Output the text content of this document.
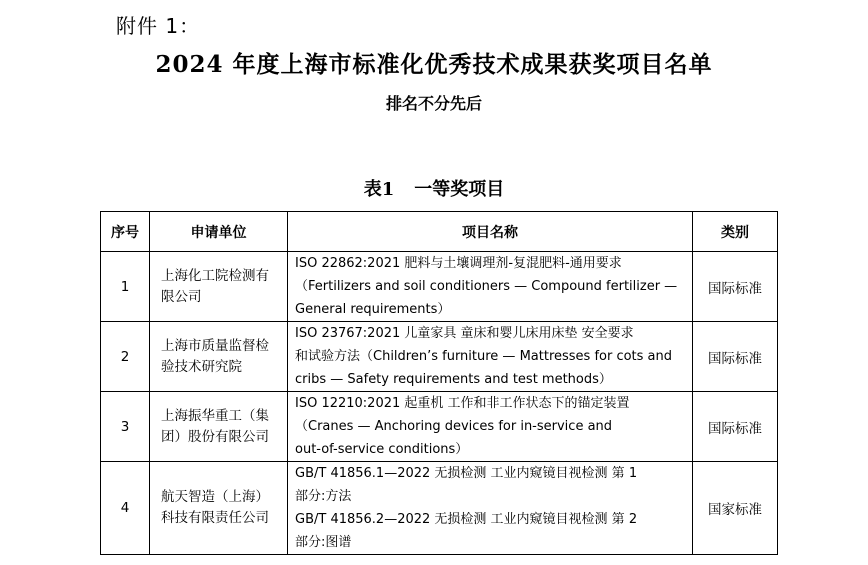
附件 1：
2024 年度上海市标准化优秀技术成果获奖项目名单
排名不分先后
表1 一等奖项目
序号	申请单位	项目名称	类别
1	上海化工院检测有限公司	ISO 22862:2021 肥料与土壤调理剂-复混肥料-通用要求
（Fertilizers and soil conditioners — Compound fertilizer —
General requirements）	国际标准
2	上海市质量监督检验技术研究院	ISO 23767:2021 儿童家具 童床和婴儿床用床垫 安全要求
和试验方法（Children’s furniture — Mattresses for cots and
cribs — Safety requirements and test methods）	国际标准
3	上海振华重工（集团）股份有限公司	ISO 12210:2021 起重机 工作和非工作状态下的锚定装置
（Cranes — Anchoring devices for in-service and
out-of-service conditions）	国际标准
4	航天智造（上海）科技有限责任公司	GB/T 41856.1—2022 无损检测 工业内窥镜目视检测 第 1
部分:方法
GB/T 41856.2—2022 无损检测 工业内窥镜目视检测 第 2
部分:图谱	国家标准
